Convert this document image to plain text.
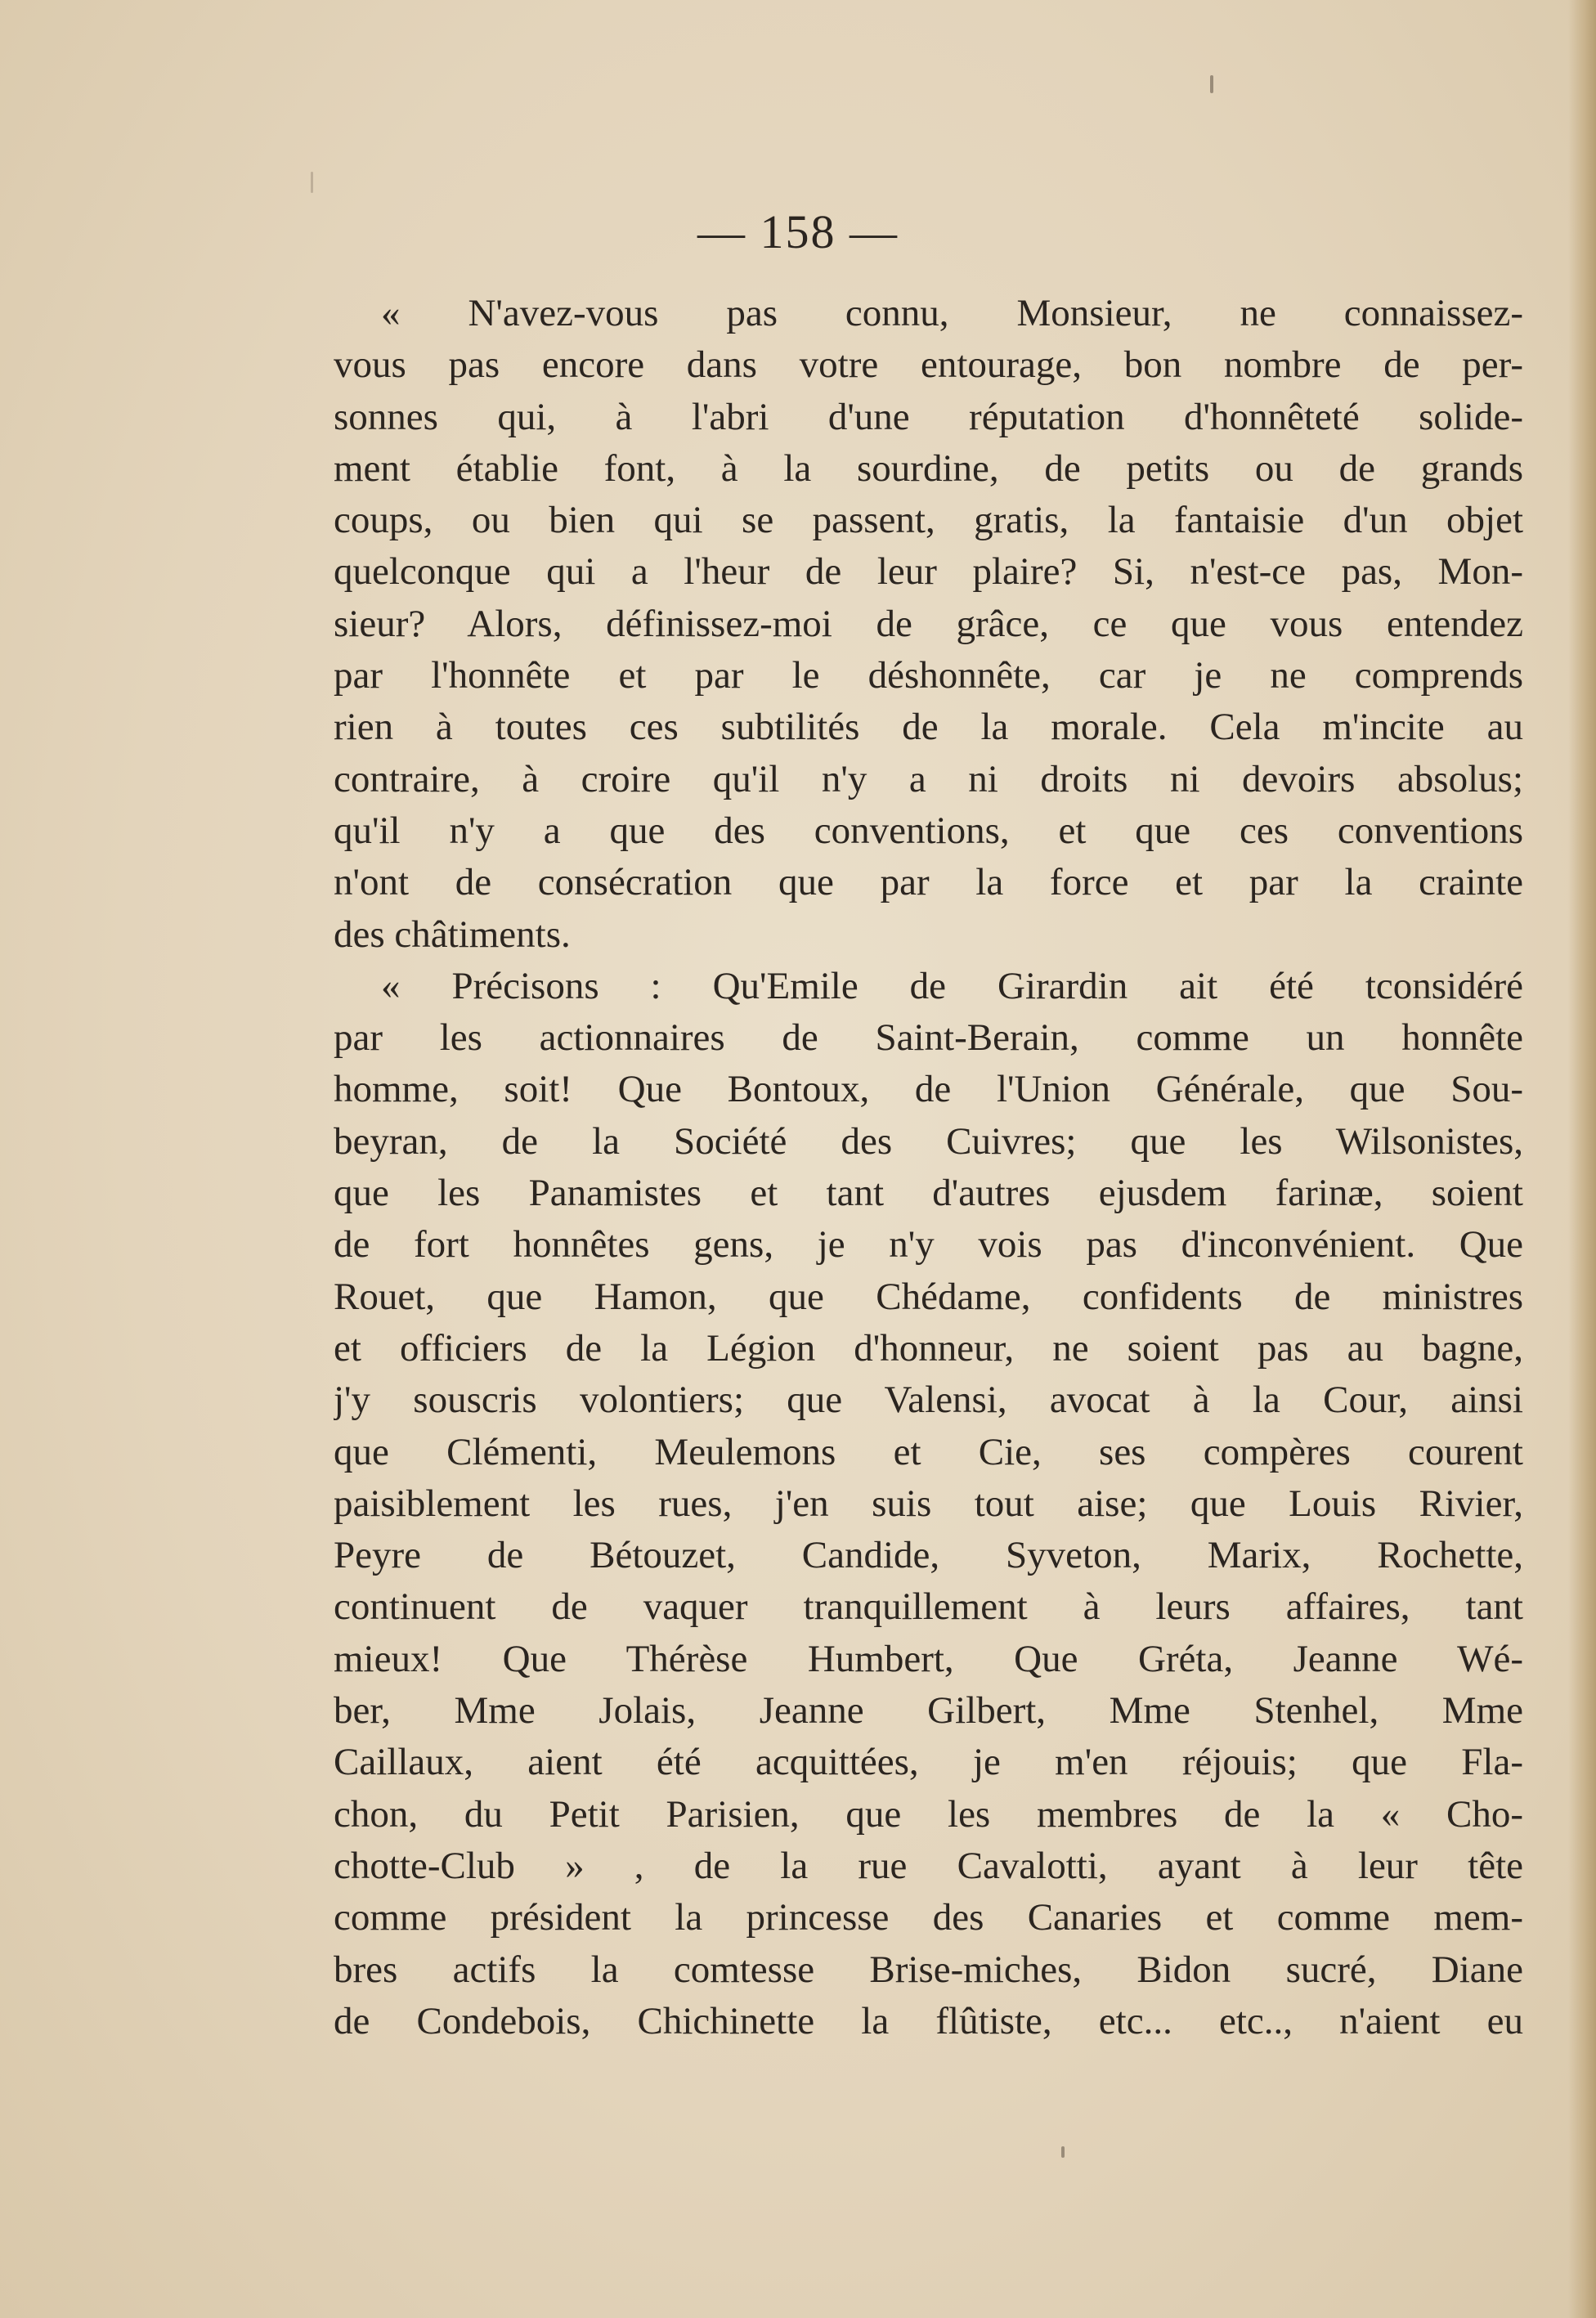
— 158 —
« N'avez-vous pas connu, Monsieur, ne connaissez-
vous pas encore dans votre entourage, bon nombre de per-
sonnes qui, à l'abri d'une réputation d'honnêteté solide-
ment établie font, à la sourdine, de petits ou de grands
coups, ou bien qui se passent, gratis, la fantaisie d'un objet
quelconque qui a l'heur de leur plaire? Si, n'est-ce pas, Mon-
sieur? Alors, définissez-moi de grâce, ce que vous entendez
par l'honnête et par le déshonnête, car je ne comprends
rien à toutes ces subtilités de la morale. Cela m'incite au
contraire, à croire qu'il n'y a ni droits ni devoirs absolus;
qu'il n'y a que des conventions, et que ces conventions
n'ont de consécration que par la force et par la crainte
des châtiments.
« Précisons : Qu'Emile de Girardin ait été tconsidéré
par les actionnaires de Saint-Berain, comme un honnête
homme, soit! Que Bontoux, de l'Union Générale, que Sou-
beyran, de la Société des Cuivres; que les Wilsonistes,
que les Panamistes et tant d'autres ejusdem farinæ, soient
de fort honnêtes gens, je n'y vois pas d'inconvénient. Que
Rouet, que Hamon, que Chédame, confidents de ministres
et officiers de la Légion d'honneur, ne soient pas au bagne,
j'y souscris volontiers; que Valensi, avocat à la Cour, ainsi
que Clémenti, Meulemons et Cie, ses compères courent
paisiblement les rues, j'en suis tout aise; que Louis Rivier,
Peyre de Bétouzet, Candide, Syveton, Marix, Rochette,
continuent de vaquer tranquillement à leurs affaires, tant
mieux! Que Thérèse Humbert, Que Gréta, Jeanne Wé-
ber, Mme Jolais, Jeanne Gilbert, Mme Stenhel, Mme
Caillaux, aient été acquittées, je m'en réjouis; que Fla-
chon, du Petit Parisien, que les membres de la « Cho-
chotte-Club » , de la rue Cavalotti, ayant à leur tête
comme président la princesse des Canaries et comme mem-
bres actifs la comtesse Brise-miches, Bidon sucré, Diane
de Condebois, Chichinette la flûtiste, etc... etc.., n'aient eu
